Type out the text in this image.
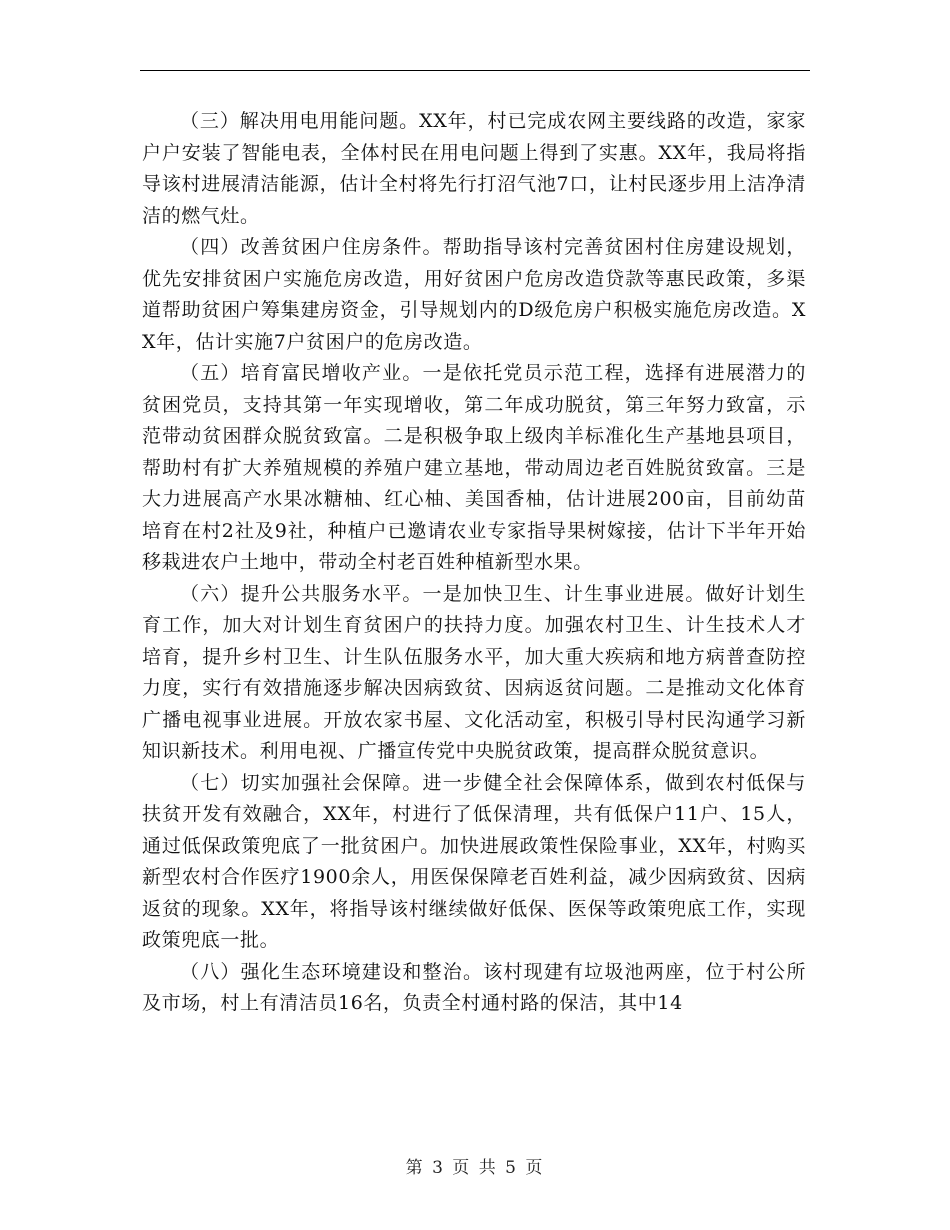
（三）解决用电用能问题。XX年，村已完成农网主要线路的改造，家家户户安装了智能电表，全体村民在用电问题上得到了实惠。XX年，我局将指导该村进展清洁能源，估计全村将先行打沼气池7口，让村民逐步用上洁净清洁的燃气灶。

（四）改善贫困户住房条件。帮助指导该村完善贫困村住房建设规划，优先安排贫困户实施危房改造，用好贫困户危房改造贷款等惠民政策，多渠道帮助贫困户筹集建房资金，引导规划内的D级危房户积极实施危房改造。XX年，估计实施7户贫困户的危房改造。

（五）培育富民增收产业。一是依托党员示范工程，选择有进展潜力的贫困党员，支持其第一年实现增收，第二年成功脱贫，第三年努力致富，示范带动贫困群众脱贫致富。二是积极争取上级肉羊标准化生产基地县项目，帮助村有扩大养殖规模的养殖户建立基地，带动周边老百姓脱贫致富。三是大力进展高产水果冰糖柚、红心柚、美国香柚，估计进展200亩，目前幼苗培育在村2社及9社，种植户已邀请农业专家指导果树嫁接，估计下半年开始移栽进农户土地中，带动全村老百姓种植新型水果。

（六）提升公共服务水平。一是加快卫生、计生事业进展。做好计划生育工作，加大对计划生育贫困户的扶持力度。加强农村卫生、计生技术人才培育，提升乡村卫生、计生队伍服务水平，加大重大疾病和地方病普查防控力度，实行有效措施逐步解决因病致贫、因病返贫问题。二是推动文化体育广播电视事业进展。开放农家书屋、文化活动室，积极引导村民沟通学习新知识新技术。利用电视、广播宣传党中央脱贫政策，提高群众脱贫意识。

（七）切实加强社会保障。进一步健全社会保障体系，做到农村低保与扶贫开发有效融合，XX年，村进行了低保清理，共有低保户11户、15人，通过低保政策兜底了一批贫困户。加快进展政策性保险事业，XX年，村购买新型农村合作医疗1900余人，用医保保障老百姓利益，减少因病致贫、因病返贫的现象。XX年，将指导该村继续做好低保、医保等政策兜底工作，实现政策兜底一批。

（八）强化生态环境建设和整治。该村现建有垃圾池两座，位于村公所及市场，村上有清洁员16名，负责全村通村路的保洁，其中14

第 3 页 共 5 页
